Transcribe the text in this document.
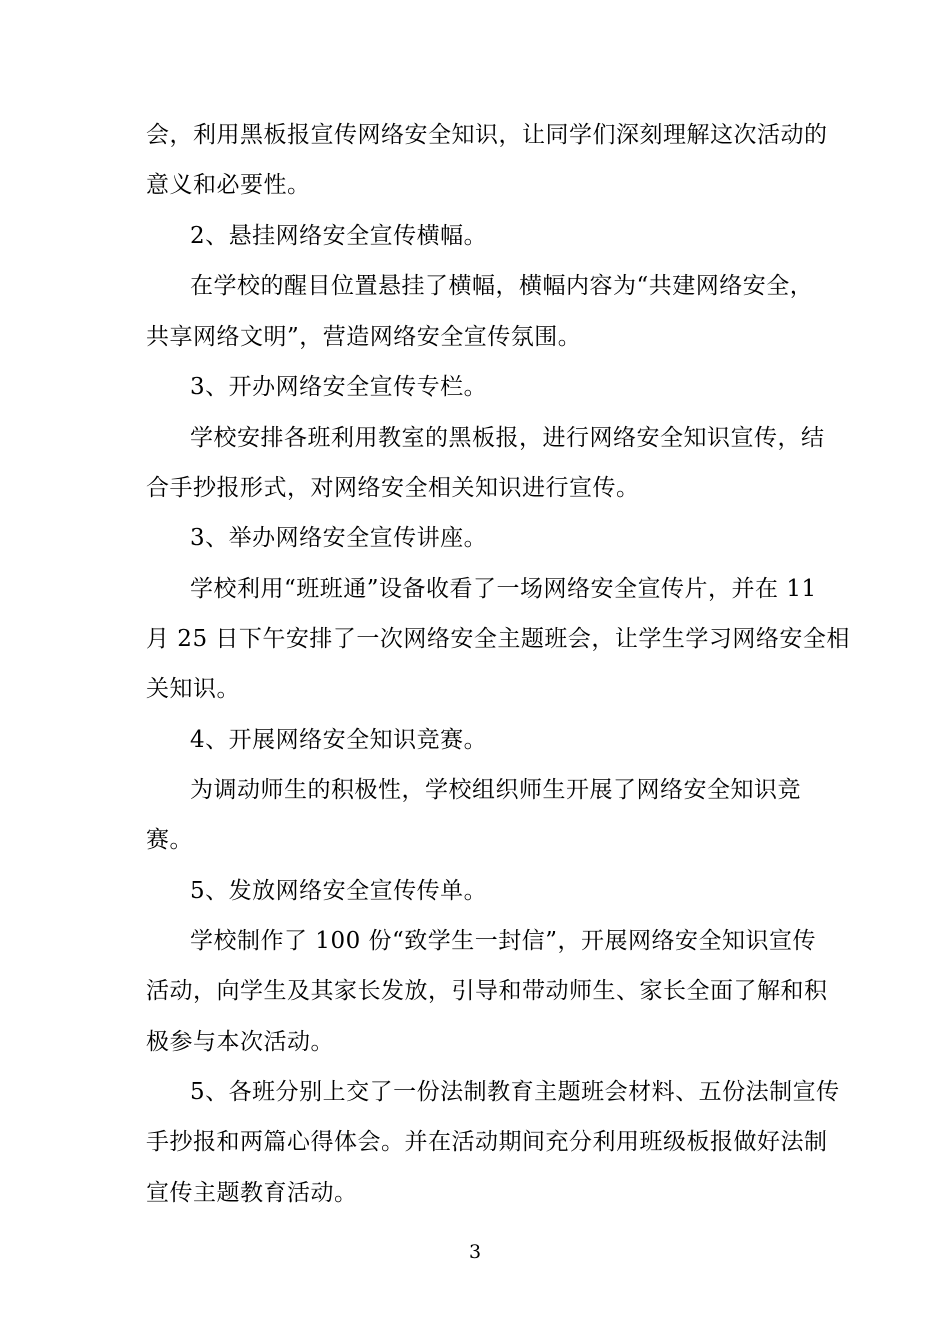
会，利用黑板报宣传网络安全知识，让同学们深刻理解这次活动的
意义和必要性。
2、悬挂网络安全宣传横幅。
在学校的醒目位置悬挂了横幅，横幅内容为“共建网络安全，
共享网络文明”，营造网络安全宣传氛围。
3、开办网络安全宣传专栏。
学校安排各班利用教室的黑板报，进行网络安全知识宣传，结
合手抄报形式，对网络安全相关知识进行宣传。
3、举办网络安全宣传讲座。
学校利用“班班通”设备收看了一场网络安全宣传片，并在 11
月 25 日下午安排了一次网络安全主题班会，让学生学习网络安全相
关知识。
4、开展网络安全知识竞赛。
为调动师生的积极性，学校组织师生开展了网络安全知识竞
赛。
5、发放网络安全宣传传单。
学校制作了 100 份“致学生一封信”，开展网络安全知识宣传
活动，向学生及其家长发放，引导和带动师生、家长全面了解和积
极参与本次活动。
5、各班分别上交了一份法制教育主题班会材料、五份法制宣传
手抄报和两篇心得体会。并在活动期间充分利用班级板报做好法制
宣传主题教育活动。
3
